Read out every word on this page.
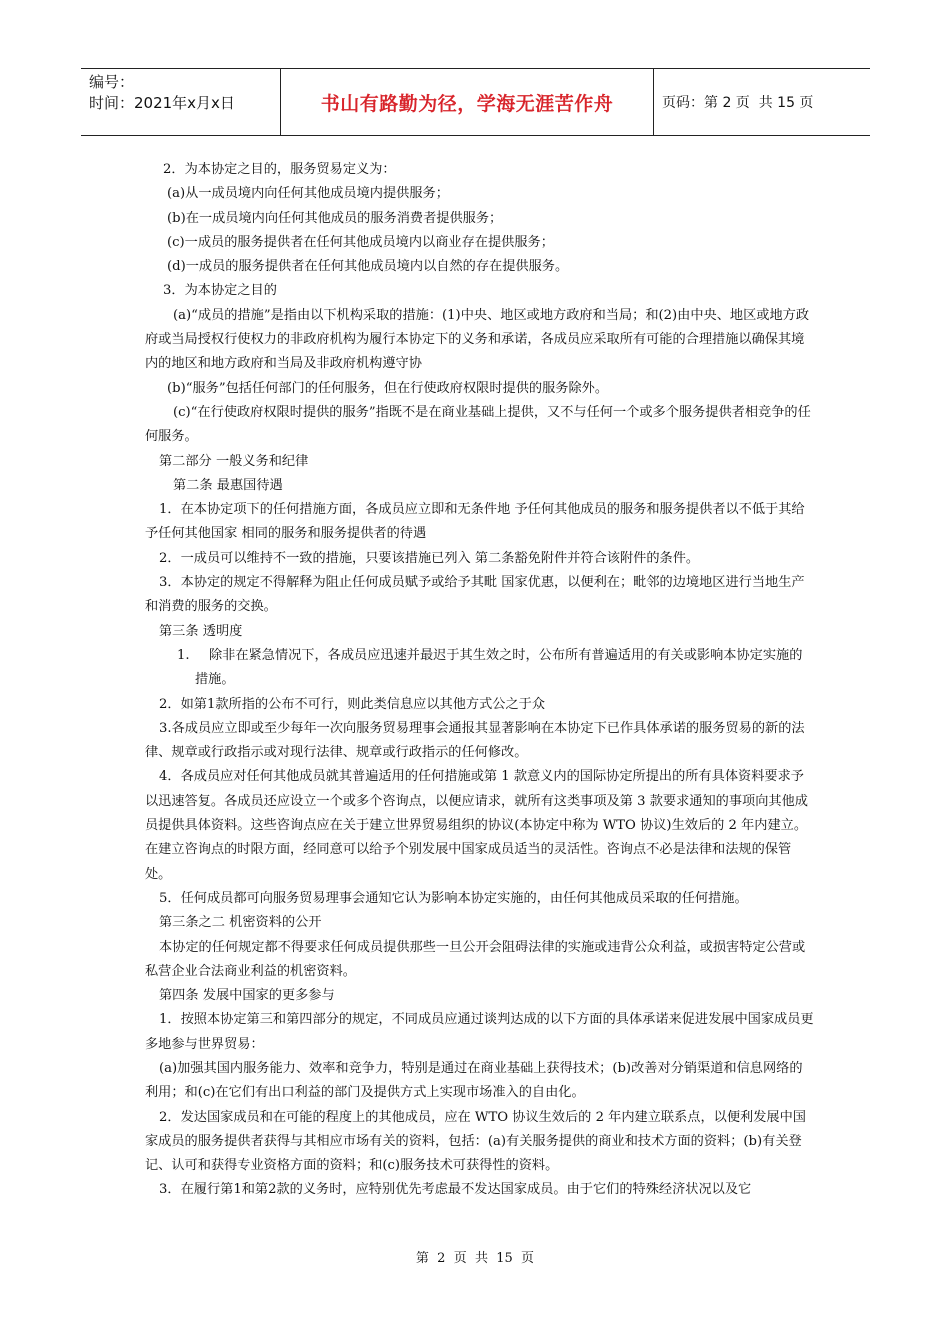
编号：
时间：2021年x月x日	书山有路勤为径，学海无涯苦作舟	页码：第 2 页  共 15 页

2．为本协定之目的，服务贸易定义为：

(a)从一成员境内向任何其他成员境内提供服务；

(b)在一成员境内向任何其他成员的服务消费者提供服务；

(c)一成员的服务提供者在任何其他成员境内以商业存在提供服务；

(d)一成员的服务提供者在任何其他成员境内以自然的存在提供服务。

3．为本协定之目的

(a)“成员的措施”是指由以下机构采取的措施：(1)中央、地区或地方政府和当局；和(2)由中央、地区或地方政府或当局授权行使权力的非政府机构为履行本协定下的义务和承诺，各成员应采取所有可能的合理措施以确保其境内的地区和地方政府和当局及非政府机构遵守协

(b)“服务”包括任何部门的任何服务，但在行使政府权限时提供的服务除外。

(c)“在行使政府权限时提供的服务”指既不是在商业基础上提供，又不与任何一个或多个服务提供者相竞争的任何服务。

第二部分 一般义务和纪律

第二条 最惠国待遇

1．在本协定项下的任何措施方面，各成员应立即和无条件地 予任何其他成员的服务和服务提供者以不低于其给予任何其他国家 相同的服务和服务提供者的待遇

2．一成员可以维持不一致的措施，只要该措施已列入 第二条豁免附件并符合该附件的条件。

3．本协定的规定不得解释为阻止任何成员赋予或给予其毗 国家优惠，以便利在；毗邻的边境地区进行当地生产和消费的服务的交换。

第三条 透明度

1. 除非在紧急情况下，各成员应迅速并最迟于其生效之时，公布所有普遍适用的有关或影响本协定实施的措施。

2．如第1款所指的公布不可行，则此类信息应以其他方式公之于众

3.各成员应立即或至少每年一次向服务贸易理事会通报其显著影响在本协定下已作具体承诺的服务贸易的新的法律、规章或行政指示或对现行法律、规章或行政指示的任何修改。

4．各成员应对任何其他成员就其普遍适用的任何措施或第 1 款意义内的国际协定所提出的所有具体资料要求予以迅速答复。各成员还应设立一个或多个咨询点，以便应请求，就所有这类事项及第 3 款要求通知的事项向其他成员提供具体资料。这些咨询点应在关于建立世界贸易组织的协议(本协定中称为 WTO 协议)生效后的 2 年内建立。在建立咨询点的时限方面，经同意可以给予个别发展中国家成员适当的灵活性。咨询点不必是法律和法规的保管处。

5．任何成员都可向服务贸易理事会通知它认为影响本协定实施的，由任何其他成员采取的任何措施。

第三条之二 机密资料的公开

本协定的任何规定都不得要求任何成员提供那些一旦公开会阻碍法律的实施或违背公众利益，或损害特定公营或私营企业合法商业利益的机密资料。

第四条 发展中国家的更多参与

1．按照本协定第三和第四部分的规定，不同成员应通过谈判达成的以下方面的具体承诺来促进发展中国家成员更多地参与世界贸易：

(a)加强其国内服务能力、效率和竞争力，特别是通过在商业基础上获得技术；(b)改善对分销渠道和信息网络的利用；和(c)在它们有出口利益的部门及提供方式上实现市场准入的自由化。

2．发达国家成员和在可能的程度上的其他成员，应在 WTO 协议生效后的 2 年内建立联系点，以便利发展中国家成员的服务提供者获得与其相应市场有关的资料，包括：(a)有关服务提供的商业和技术方面的资料；(b)有关登记、认可和获得专业资格方面的资料；和(c)服务技术可获得性的资料。

3．在履行第1和第2款的义务时，应特别优先考虑最不发达国家成员。由于它们的特殊经济状况以及它

第  2  页  共  15  页
